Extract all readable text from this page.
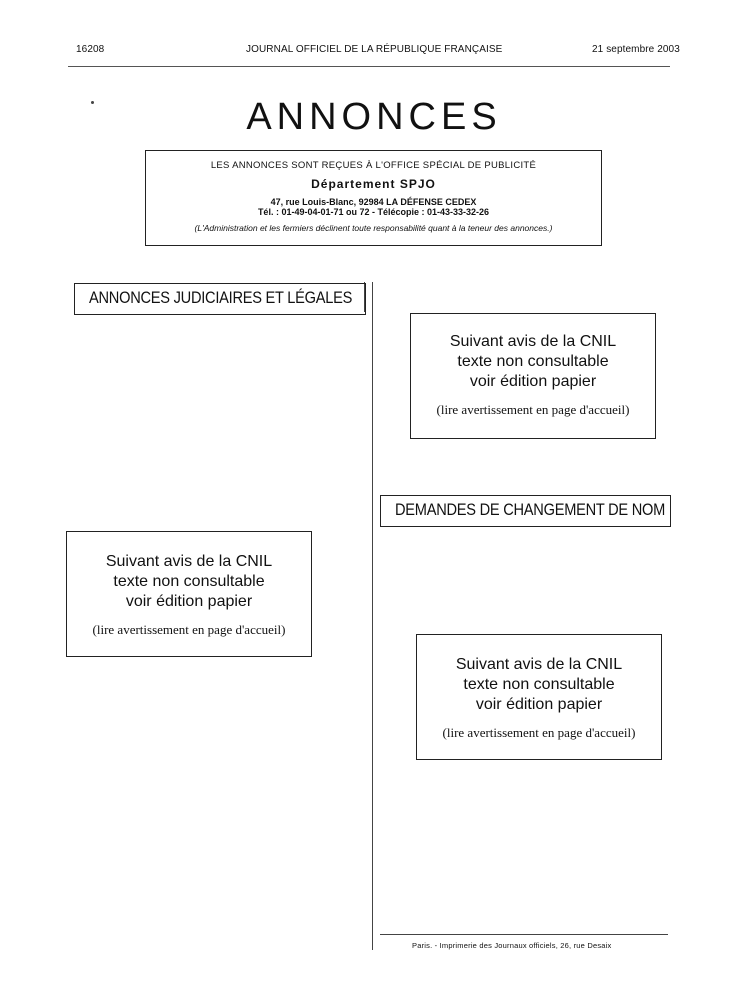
16208	JOURNAL OFFICIEL DE LA RÉPUBLIQUE FRANÇAISE	21 septembre 2003
ANNONCES
LES ANNONCES SONT REÇUES À L'OFFICE SPÉCIAL DE PUBLICITÉ
Département SPJO
47, rue Louis-Blanc, 92984 LA DÉFENSE CEDEX
Tél. : 01-49-04-01-71 ou 72 - Télécopie : 01-43-33-32-26
(L'Administration et les fermiers déclinent toute responsabilité quant à la teneur des annonces.)
ANNONCES JUDICIAIRES ET LÉGALES
DEMANDES DE CHANGEMENT DE NOM
Suivant avis de la CNIL
texte non consultable
voir édition papier
(lire avertissement en page d'accueil)
Suivant avis de la CNIL
texte non consultable
voir édition papier
(lire avertissement en page d'accueil)
Suivant avis de la CNIL
texte non consultable
voir édition papier
(lire avertissement en page d'accueil)
Paris. - Imprimerie des Journaux officiels, 26, rue Desaix
